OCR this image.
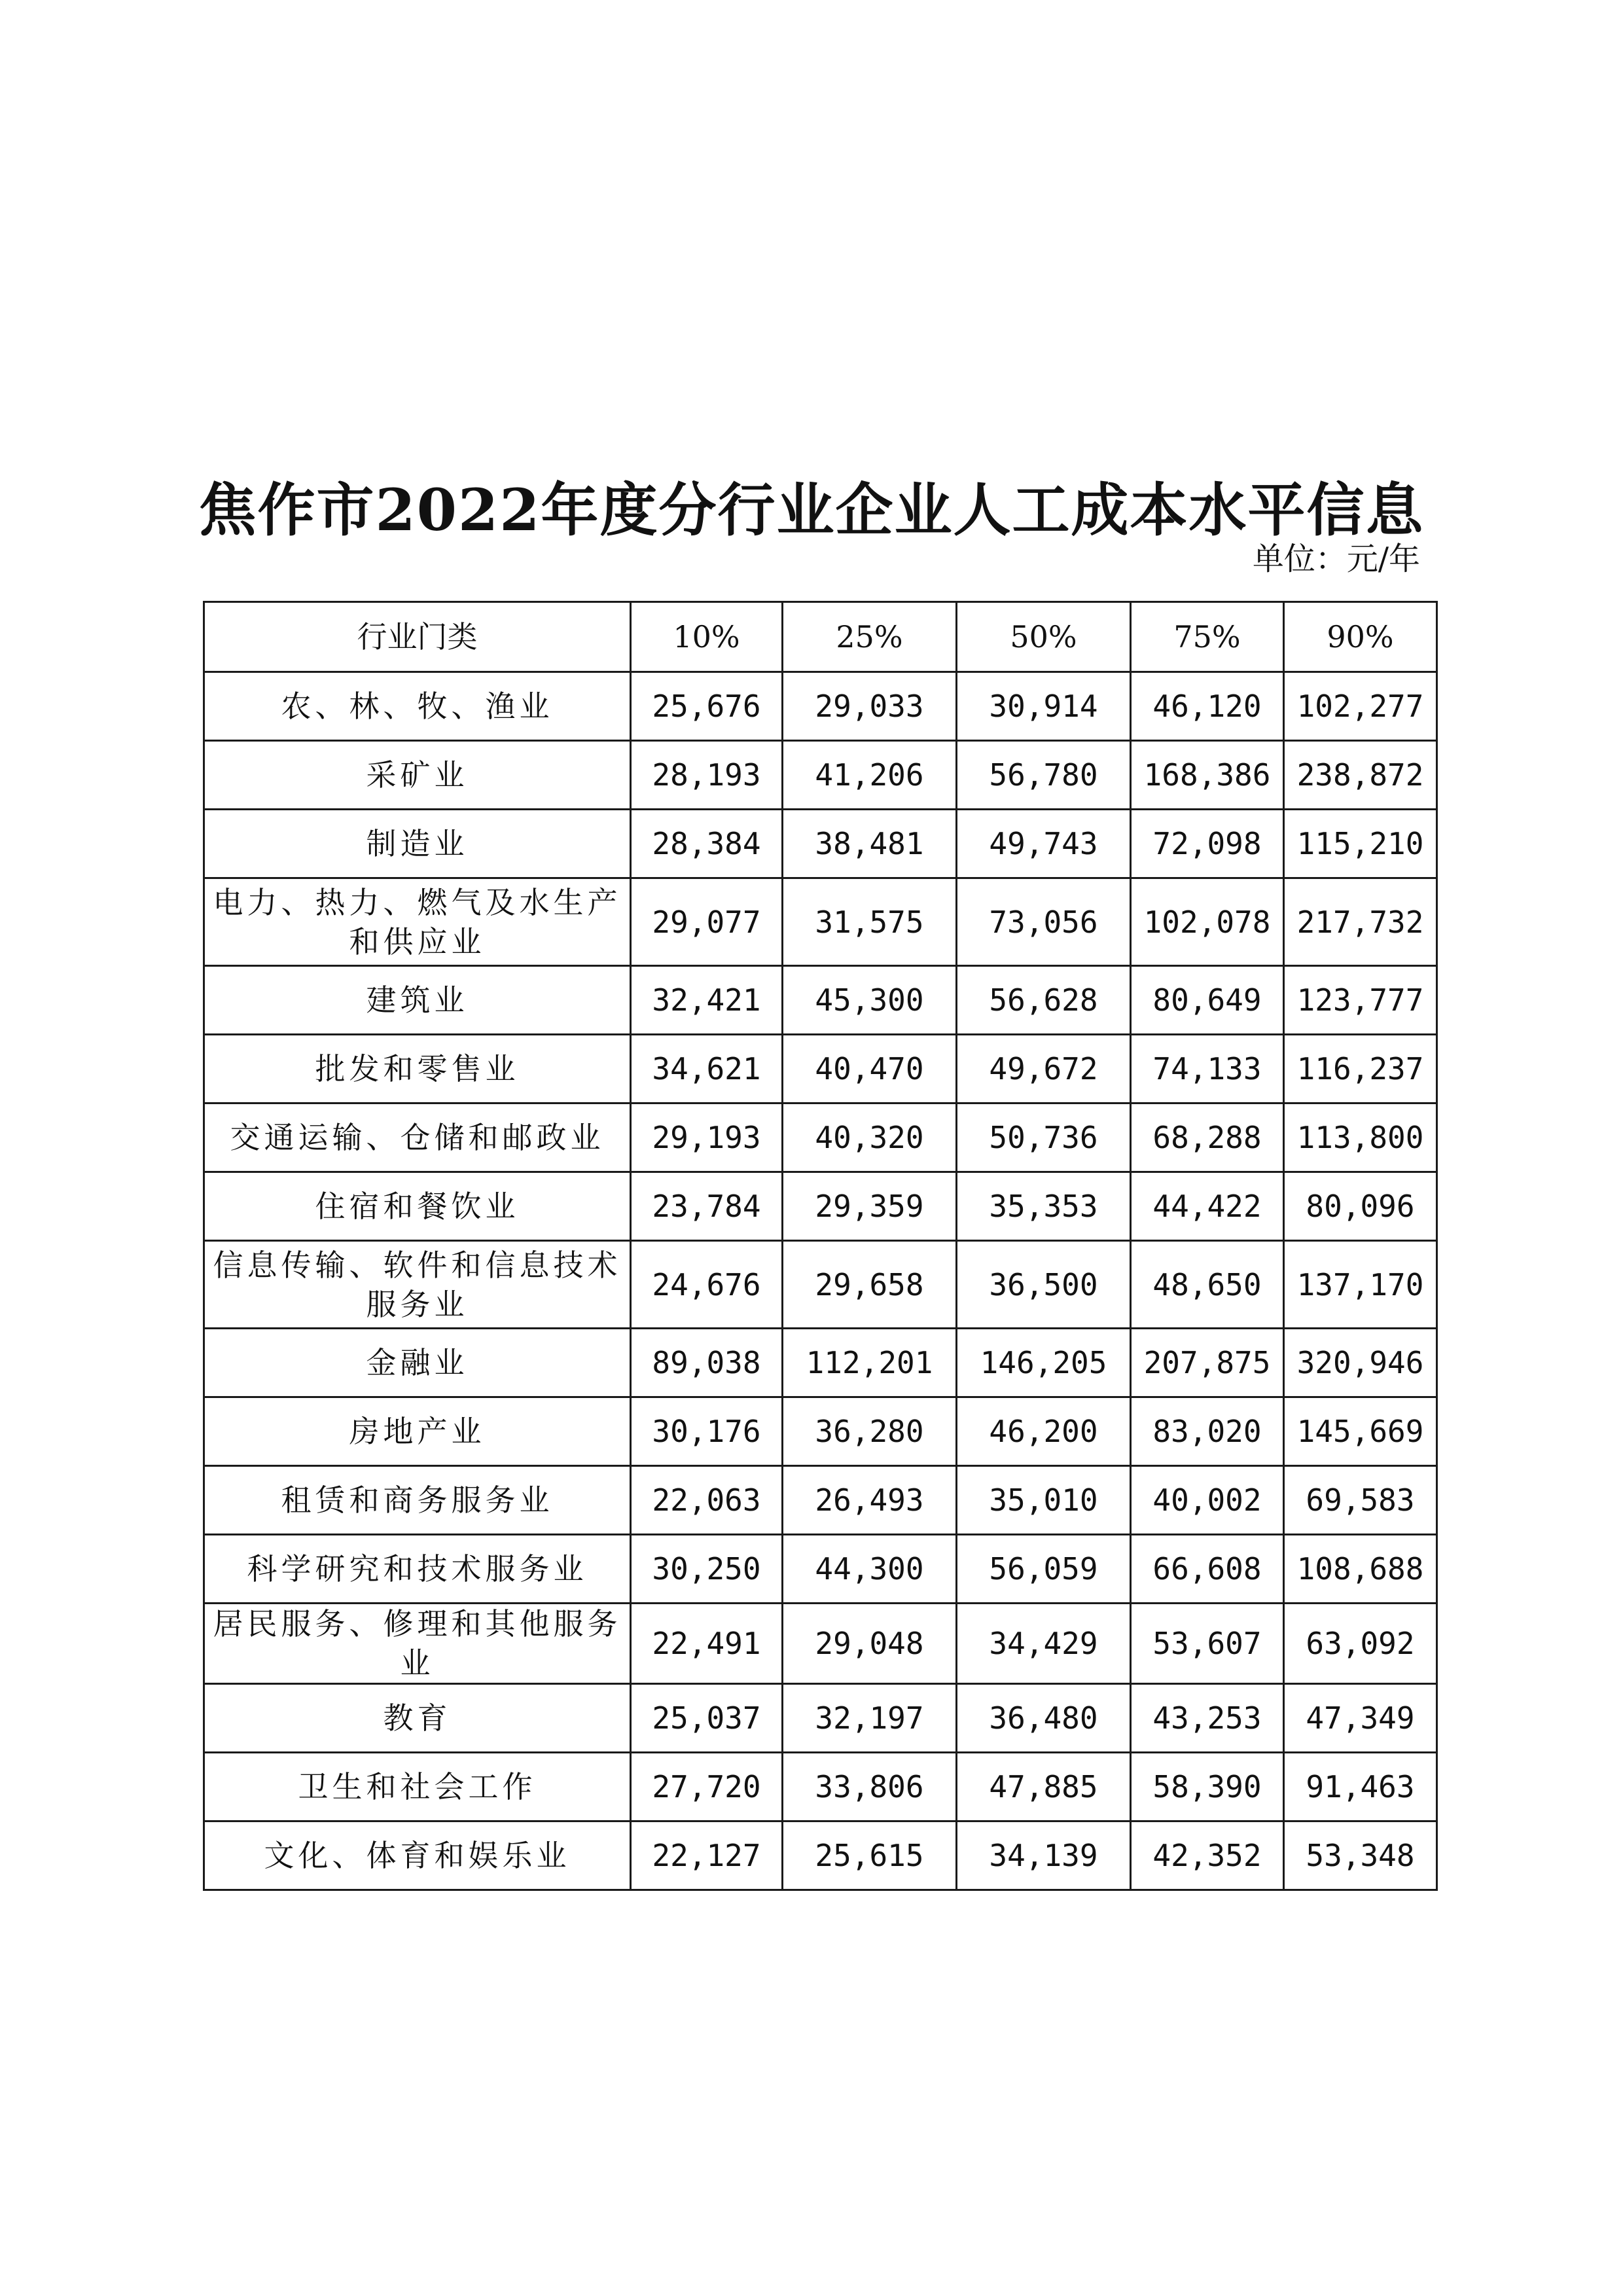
焦作市2022年度分行业企业人工成本水平信息
单位：元/年
行业门类	10%	25%	50%	75%	90%
农、林、牧、渔业	25,676	29,033	30,914	46,120	102,277
采矿业	28,193	41,206	56,780	168,386	238,872
制造业	28,384	38,481	49,743	72,098	115,210
电力、热力、燃气及水生产和供应业	29,077	31,575	73,056	102,078	217,732
建筑业	32,421	45,300	56,628	80,649	123,777
批发和零售业	34,621	40,470	49,672	74,133	116,237
交通运输、仓储和邮政业	29,193	40,320	50,736	68,288	113,800
住宿和餐饮业	23,784	29,359	35,353	44,422	80,096
信息传输、软件和信息技术服务业	24,676	29,658	36,500	48,650	137,170
金融业	89,038	112,201	146,205	207,875	320,946
房地产业	30,176	36,280	46,200	83,020	145,669
租赁和商务服务业	22,063	26,493	35,010	40,002	69,583
科学研究和技术服务业	30,250	44,300	56,059	66,608	108,688
居民服务、修理和其他服务业	22,491	29,048	34,429	53,607	63,092
教育	25,037	32,197	36,480	43,253	47,349
卫生和社会工作	27,720	33,806	47,885	58,390	91,463
文化、体育和娱乐业	22,127	25,615	34,139	42,352	53,348
